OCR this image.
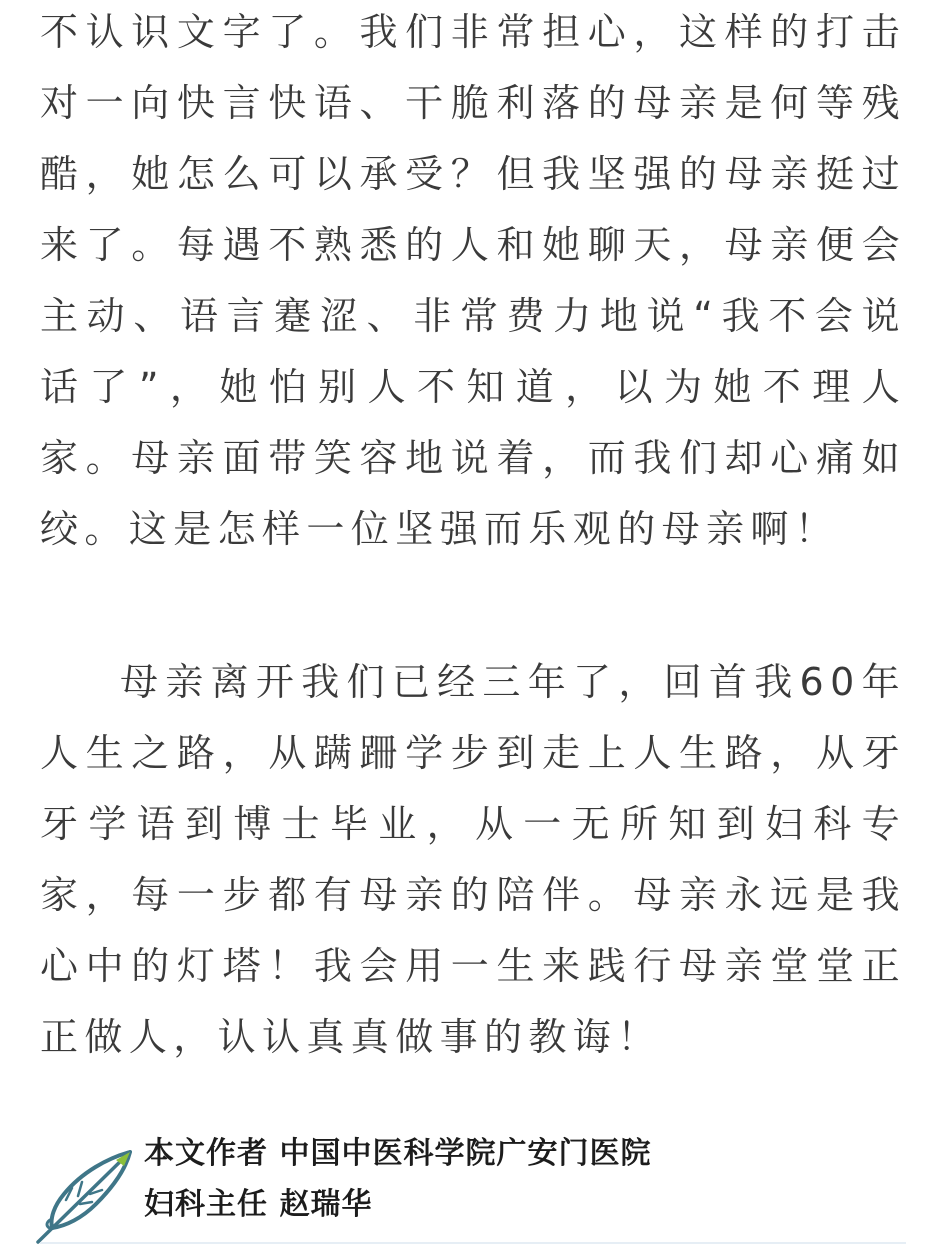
不认识文字了。我们非常担心，这样的打击对一向快言快语、干脆利落的母亲是何等残酷，她怎么可以承受？但我坚强的母亲挺过来了。每遇不熟悉的人和她聊天，母亲便会主动、语言蹇涩、非常费力地说“我不会说话了”，她怕别人不知道，以为她不理人家。母亲面带笑容地说着，而我们却心痛如绞。这是怎样一位坚强而乐观的母亲啊！

母亲离开我们已经三年了，回首我60年人生之路，从蹒跚学步到走上人生路，从牙牙学语到博士毕业，从一无所知到妇科专家，每一步都有母亲的陪伴。母亲永远是我心中的灯塔！我会用一生来践行母亲堂堂正正做人，认认真真做事的教诲！

本文作者 中国中医科学院广安门医院
妇科主任 赵瑞华
